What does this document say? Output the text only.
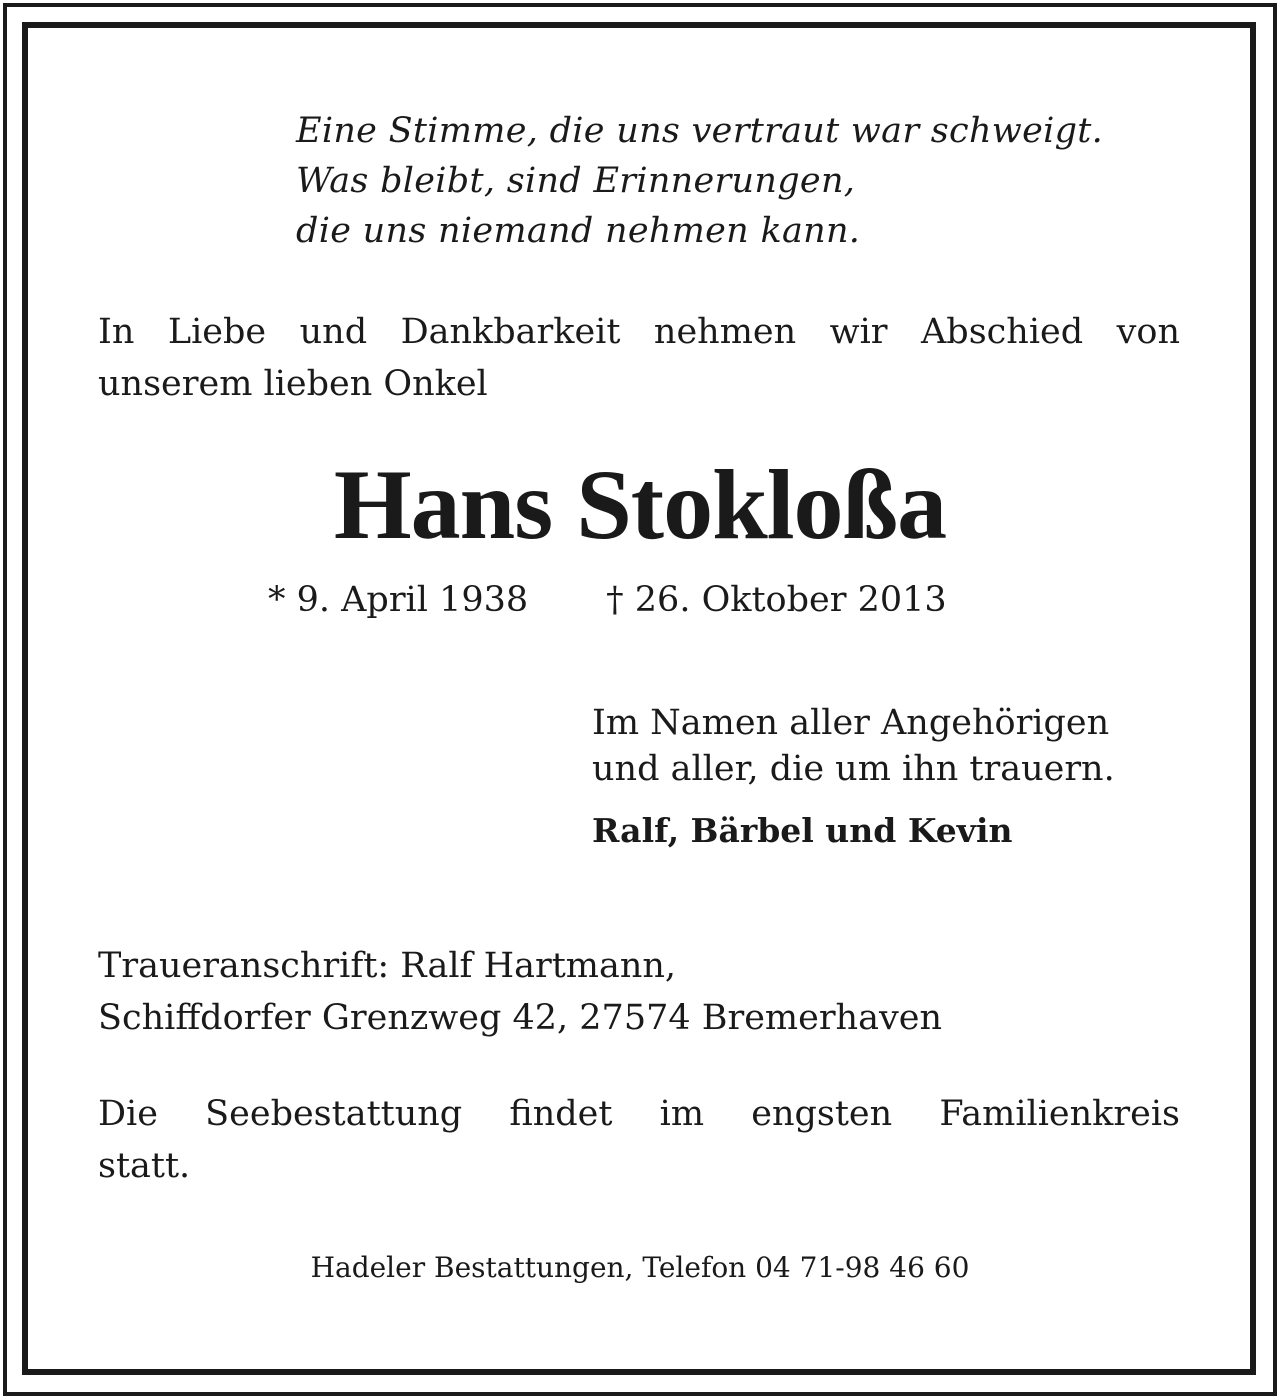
Eine Stimme, die uns vertraut war schweigt.
Was bleibt, sind Erinnerungen,
die uns niemand nehmen kann.
In Liebe und Dankbarkeit nehmen wir Abschied von
unserem lieben Onkel
Hans Stokloßa
* 9. April 1938 † 26. Oktober 2013
Im Namen aller Angehörigen
und aller, die um ihn trauern.
Ralf, Bärbel und Kevin
Traueranschrift: Ralf Hartmann,
Schiffdorfer Grenzweg 42, 27574 Bremerhaven
Die Seebestattung findet im engsten Familienkreis
statt.
Hadeler Bestattungen, Telefon 04 71-98 46 60
